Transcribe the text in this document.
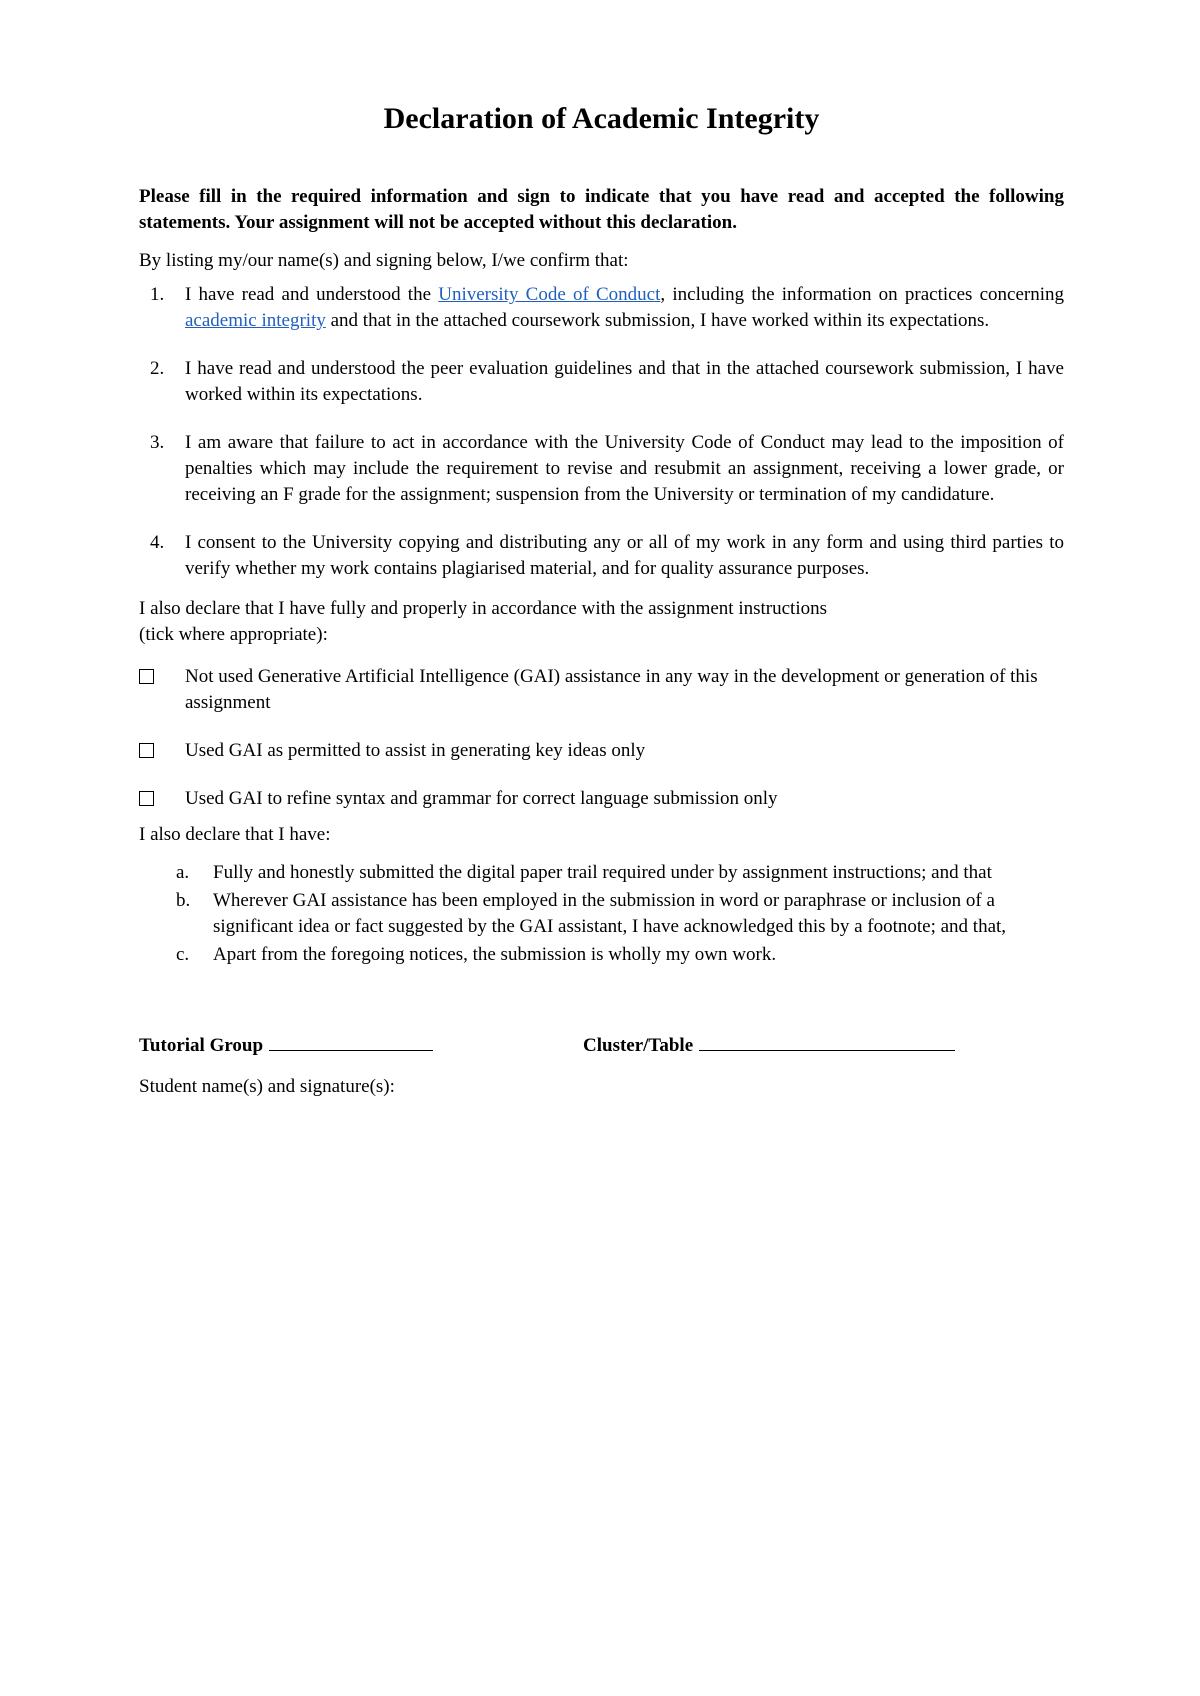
Declaration of Academic Integrity

Please fill in the required information and sign to indicate that you have read and accepted the following statements. Your assignment will not be accepted without this declaration.

By listing my/our name(s) and signing below, I/we confirm that:

1. I have read and understood the University Code of Conduct, including the information on practices concerning academic integrity and that in the attached coursework submission, I have worked within its expectations.
2. I have read and understood the peer evaluation guidelines and that in the attached coursework submission, I have worked within its expectations.
3. I am aware that failure to act in accordance with the University Code of Conduct may lead to the imposition of penalties which may include the requirement to revise and resubmit an assignment, receiving a lower grade, or receiving an F grade for the assignment; suspension from the University or termination of my candidature.
4. I consent to the University copying and distributing any or all of my work in any form and using third parties to verify whether my work contains plagiarised material, and for quality assurance purposes.

I also declare that I have fully and properly in accordance with the assignment instructions
(tick where appropriate):

Not used Generative Artificial Intelligence (GAI) assistance in any way in the development or generation of this assignment
Used GAI as permitted to assist in generating key ideas only
Used GAI to refine syntax and grammar for correct language submission only

I also declare that I have:

a. Fully and honestly submitted the digital paper trail required under by assignment instructions; and that
b. Wherever GAI assistance has been employed in the submission in word or paraphrase or inclusion of a significant idea or fact suggested by the GAI assistant, I have acknowledged this by a footnote; and that,
c. Apart from the foregoing notices, the submission is wholly my own work.
Tutorial Group	Cluster/Table

Student name(s) and signature(s):
